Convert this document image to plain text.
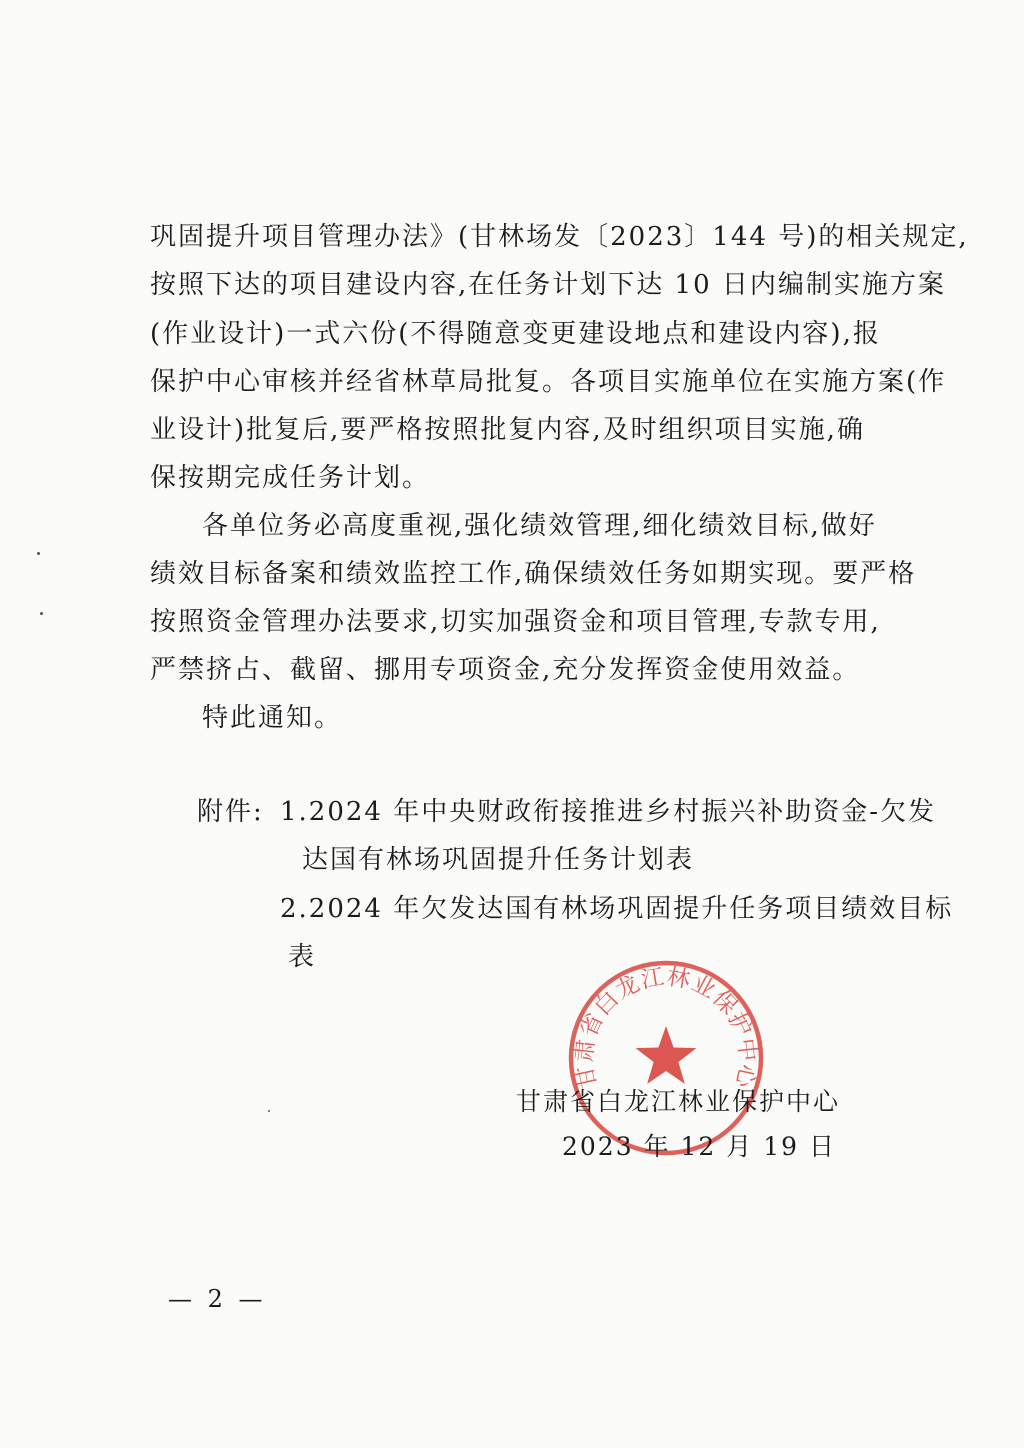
巩固提升项目管理办法》(甘林场发〔2023〕144 号)的相关规定,

按照下达的项目建设内容,在任务计划下达 10 日内编制实施方案

(作业设计)一式六份(不得随意变更建设地点和建设内容),报

保护中心审核并经省林草局批复。各项目实施单位在实施方案(作

业设计)批复后,要严格按照批复内容,及时组织项目实施,确

保按期完成任务计划。

各单位务必高度重视,强化绩效管理,细化绩效目标,做好

绩效目标备案和绩效监控工作,确保绩效任务如期实现。要严格

按照资金管理办法要求,切实加强资金和项目管理,专款专用,

严禁挤占、截留、挪用专项资金,充分发挥资金使用效益。

特此通知。

附件: 1.2024 年中央财政衔接推进乡村振兴补助资金-欠发
达国有林场巩固提升任务计划表
2.2024 年欠发达国有林场巩固提升任务项目绩效目标
表
甘肃省白龙江林业保护中心
甘肃省白龙江林业保护中心
2023 年 12 月 19 日
— 2 —
